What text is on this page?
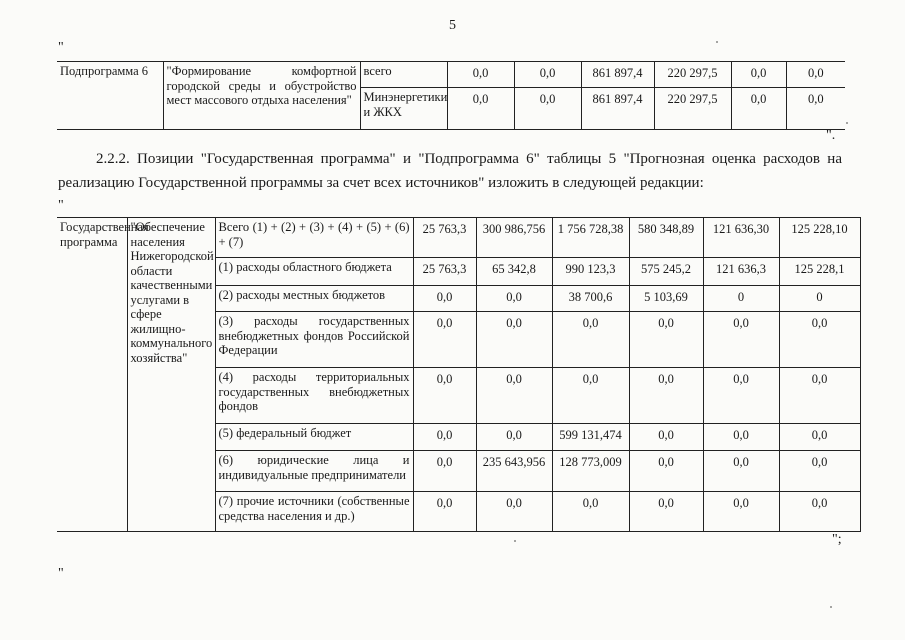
5
"
Подпрограмма 6	"Формирование комфортной городской среды и обустройство мест массового отдыха населения"	всего	0,0	0,0	861 897,4	220 297,5	0,0	0,0
		Минэнергетики и ЖКХ	0,0	0,0	861 897,4	220 297,5	0,0	0,0
".
2.2.2. Позиции "Государственная программа" и "Подпрограмма 6" таблицы 5 "Прогнозная оценка расходов на реализацию Государственной программы за счет всех источников" изложить в следующей редакции:
"
Государственная программа	"Обеспечение населения Нижегородской области качественными услугами в сфере жилищно-коммунального хозяйства"	Всего (1) + (2) + (3) + (4) + (5) + (6) + (7)	25 763,3	300 986,756	1 756 728,38	580 348,89	121 636,30	125 228,10
		(1) расходы областного бюджета	25 763,3	65 342,8	990 123,3	575 245,2	121 636,3	125 228,1
		(2) расходы местных бюджетов	0,0	0,0	38 700,6	5 103,69	0	0
		(3) расходы государственных внебюджетных фондов Российской Федерации	0,0	0,0	0,0	0,0	0,0	0,0
		(4) расходы территориальных государственных внебюджетных фондов	0,0	0,0	0,0	0,0	0,0	0,0
		(5) федеральный бюджет	0,0	0,0	599 131,474	0,0	0,0	0,0
		(6) юридические лица и индивидуальные предприниматели	0,0	235 643,956	128 773,009	0,0	0,0	0,0
		(7) прочие источники (собственные средства населения и др.)	0,0	0,0	0,0	0,0	0,0	0,0
";
"
